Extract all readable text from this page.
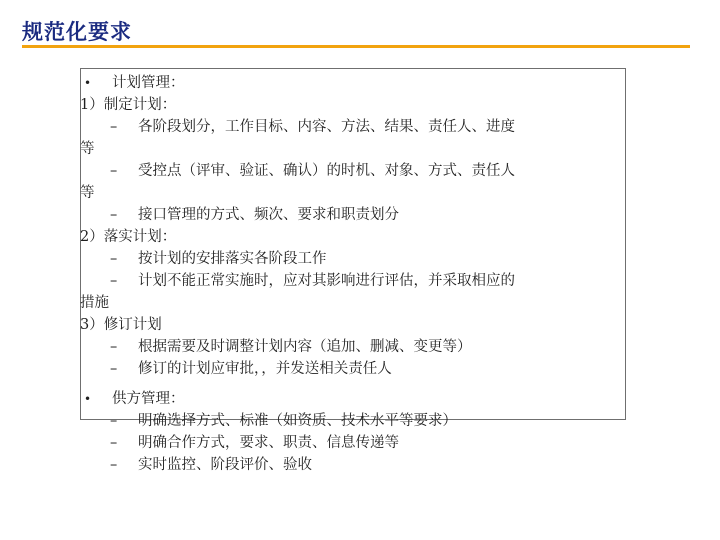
规范化要求
• 计划管理：
1）制定计划：
– 各阶段划分，工作目标、内容、方法、结果、责任人、进度
等
– 受控点（评审、验证、确认）的时机、对象、方式、责任人
等
– 接口管理的方式、频次、要求和职责划分
2）落实计划：
– 按计划的安排落实各阶段工作
– 计划不能正常实施时，应对其影响进行评估，并采取相应的
措施
3）修订计划
– 根据需要及时调整计划内容（追加、删减、变更等）
– 修订的计划应审批，，并发送相关责任人
• 供方管理：
– 明确选择方式、标准（如资质、技术水平等要求）
– 明确合作方式，要求、职责、信息传递等
– 实时监控、阶段评价、验收
